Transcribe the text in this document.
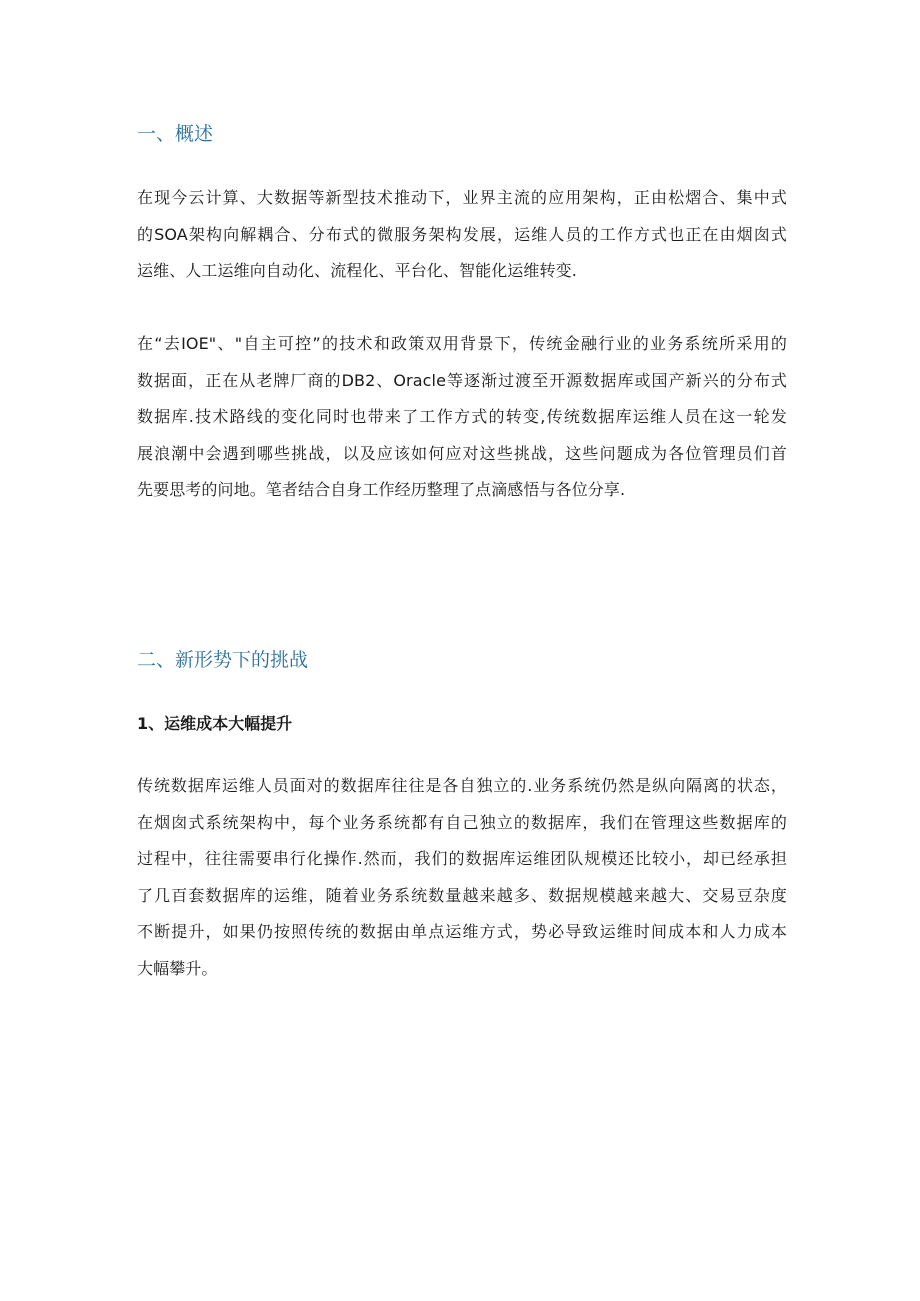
一、概述

在现今云计算、大数据等新型技术推动下，业界主流的应用架构，正由松熠合、集中式
的SOA架构向解耦合、分布式的微服务架构发展，运维人员的工作方式也正在由烟囱式
运维、人工运维向自动化、流程化、平台化、智能化运维转变.

在“去IOE"、"自主可控”的技术和政策双用背景下，传统金融行业的业务系统所采用的
数据面，正在从老牌厂商的DB2、Oracle等逐渐过渡至开源数据库或国产新兴的分布式
数据库.技术路线的变化同时也带来了工作方式的转变,传统数据库运维人员在这一轮发
展浪潮中会遇到哪些挑战，以及应该如何应对这些挑战，这些问题成为各位管理员们首
先要思考的问地。笔者结合自身工作经历整理了点滴感悟与各位分享.

二、新形势下的挑战
1、运维成本大幅提升

传统数据库运维人员面对的数据库往往是各自独立的.业务系统仍然是纵向隔离的状态，
在烟囱式系统架构中，每个业务系统都有自己独立的数据库，我们在管理这些数据库的
过程中，往往需要串行化操作.然而，我们的数据库运维团队规模还比较小，却已经承担
了几百套数据库的运维，随着业务系统数量越来越多、数据规模越来越大、交易豆杂度
不断提升，如果仍按照传统的数据由单点运维方式，势必导致运维时间成本和人力成本
大幅攀升。
